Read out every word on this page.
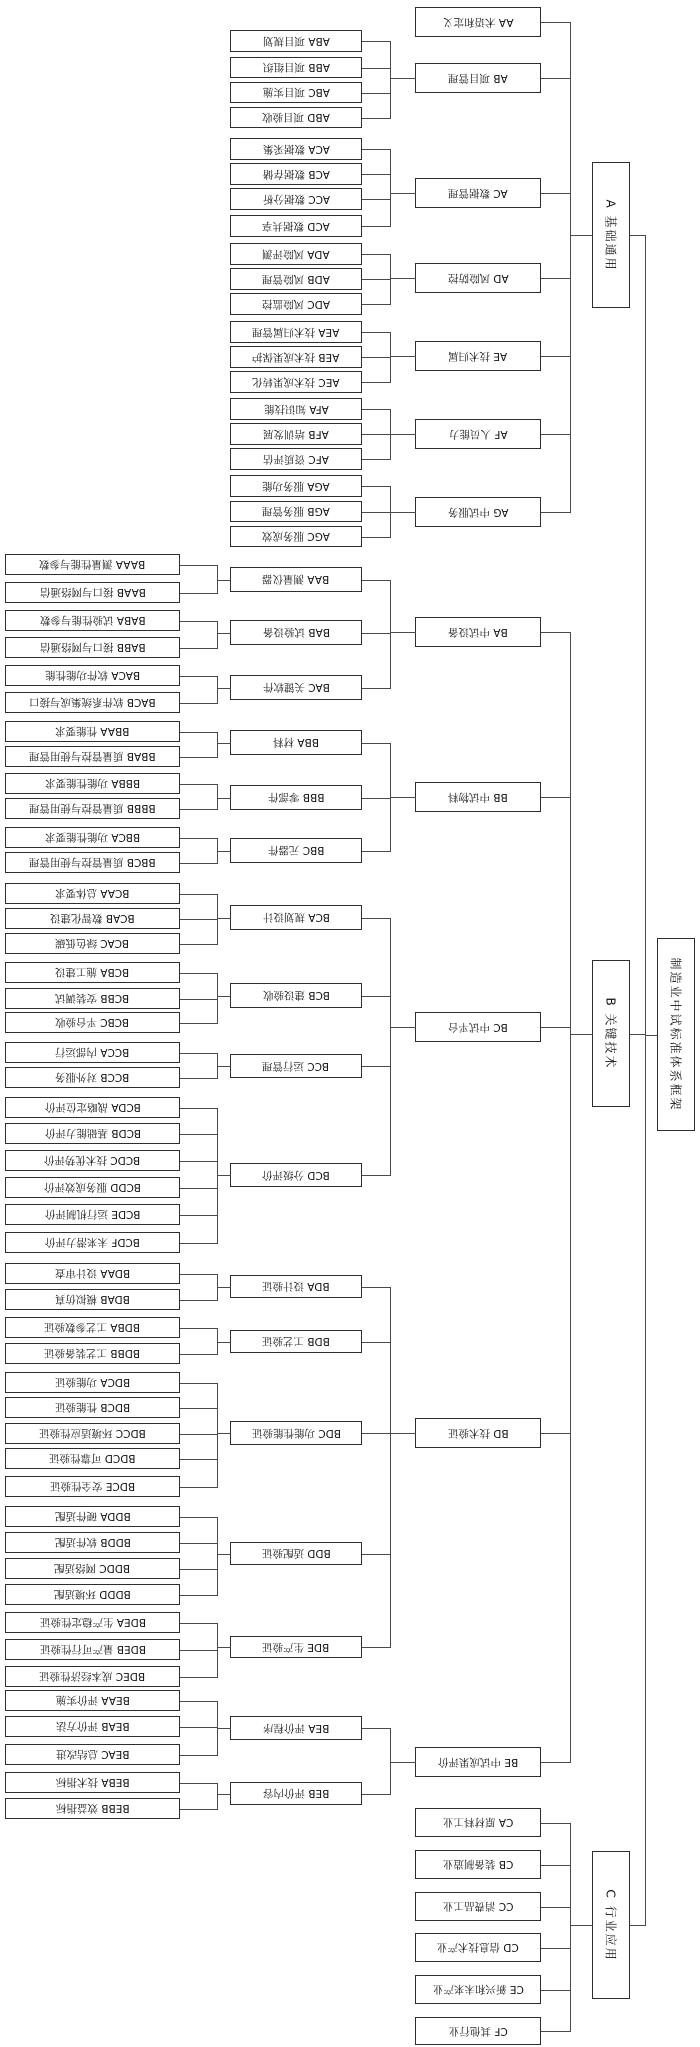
制造业中试标准体系框架
A 基础通用
B 关键技术
C 行业应用
AA 术语和定义
AB 项目管理
AC 数据管理
AD 风险防控
AE 技术归属
AF 人员能力
AG 中试服务
BA 中试设备
BB 中试物料
BC 中试平台
BD 技术验证
BE 中试成果评价
CA 原材料工业
CB 装备制造业
CC 消费品工业
CD 信息技术产业
CE 新兴和未来产业
CF 其他行业
ABA 项目规划
ABB 项目组织
ABC 项目实施
ABD 项目验收
ACA 数据采集
ACB 数据存储
ACC 数据分析
ACD 数据共享
ADA 风险评测
ADB 风险管理
ADC 风险监控
AEA 技术归属管理
AEB 技术成果保护
AEC 技术成果转化
AFA 知识技能
AFB 培训发展
AFC 资质评估
AGA 服务功能
AGB 服务管理
AGC 服务成效
BAA 测量仪器
BAB 试验设备
BAC 关键软件
BBA 材料
BBB 零部件
BBC 元器件
BCA 规划设计
BCB 建设验收
BCC 运行管理
BCD 分级评价
BDA 设计验证
BDB 工艺验证
BDC 功能性能验证
BDD 适配验证
BDE 生产验证
BEA 评价程序
BEB 评价内容
BAAA 测量性能与参数
BAAB 接口与网络通信
BABA 试验性能与参数
BABB 接口与网络通信
BACA 软件功能性能
BACB 软件系统集成与接口
BBAA 性能要求
BBAB 质量管控与使用管理
BBBA 功能性能要求
BBBB 质量管控与使用管理
BBCA 功能性能要求
BBCB 质量管控与使用管理
BCAA 总体要求
BCAB 数智化建设
BCAC 绿色低碳
BCBA 施工建设
BCBB 安装调试
BCBC 平台验收
BCCA 内部运行
BCCB 对外服务
BCDA 战略定位评价
BCDB 基础能力评价
BCDC 技术优势评价
BCDD 服务成效评价
BCDE 运行机制评价
BCDF 未来潜力评价
BDAA 设计审查
BDAB 模拟仿真
BDBA 工艺参数验证
BDBB 工艺装备验证
BDCA 功能验证
BDCB 性能验证
BDCC 环境适应性验证
BDCD 可靠性验证
BDCE 安全性验证
BDDA 硬件适配
BDDB 软件适配
BDDC 网络适配
BDDD 环境适配
BDEA 生产稳定性验证
BDEB 量产可行性验证
BDEC 成本经济性验证
BEAA 评价实施
BEAB 评价方法
BEAC 总结改进
BEBA 技术指标
BEBB 效益指标
